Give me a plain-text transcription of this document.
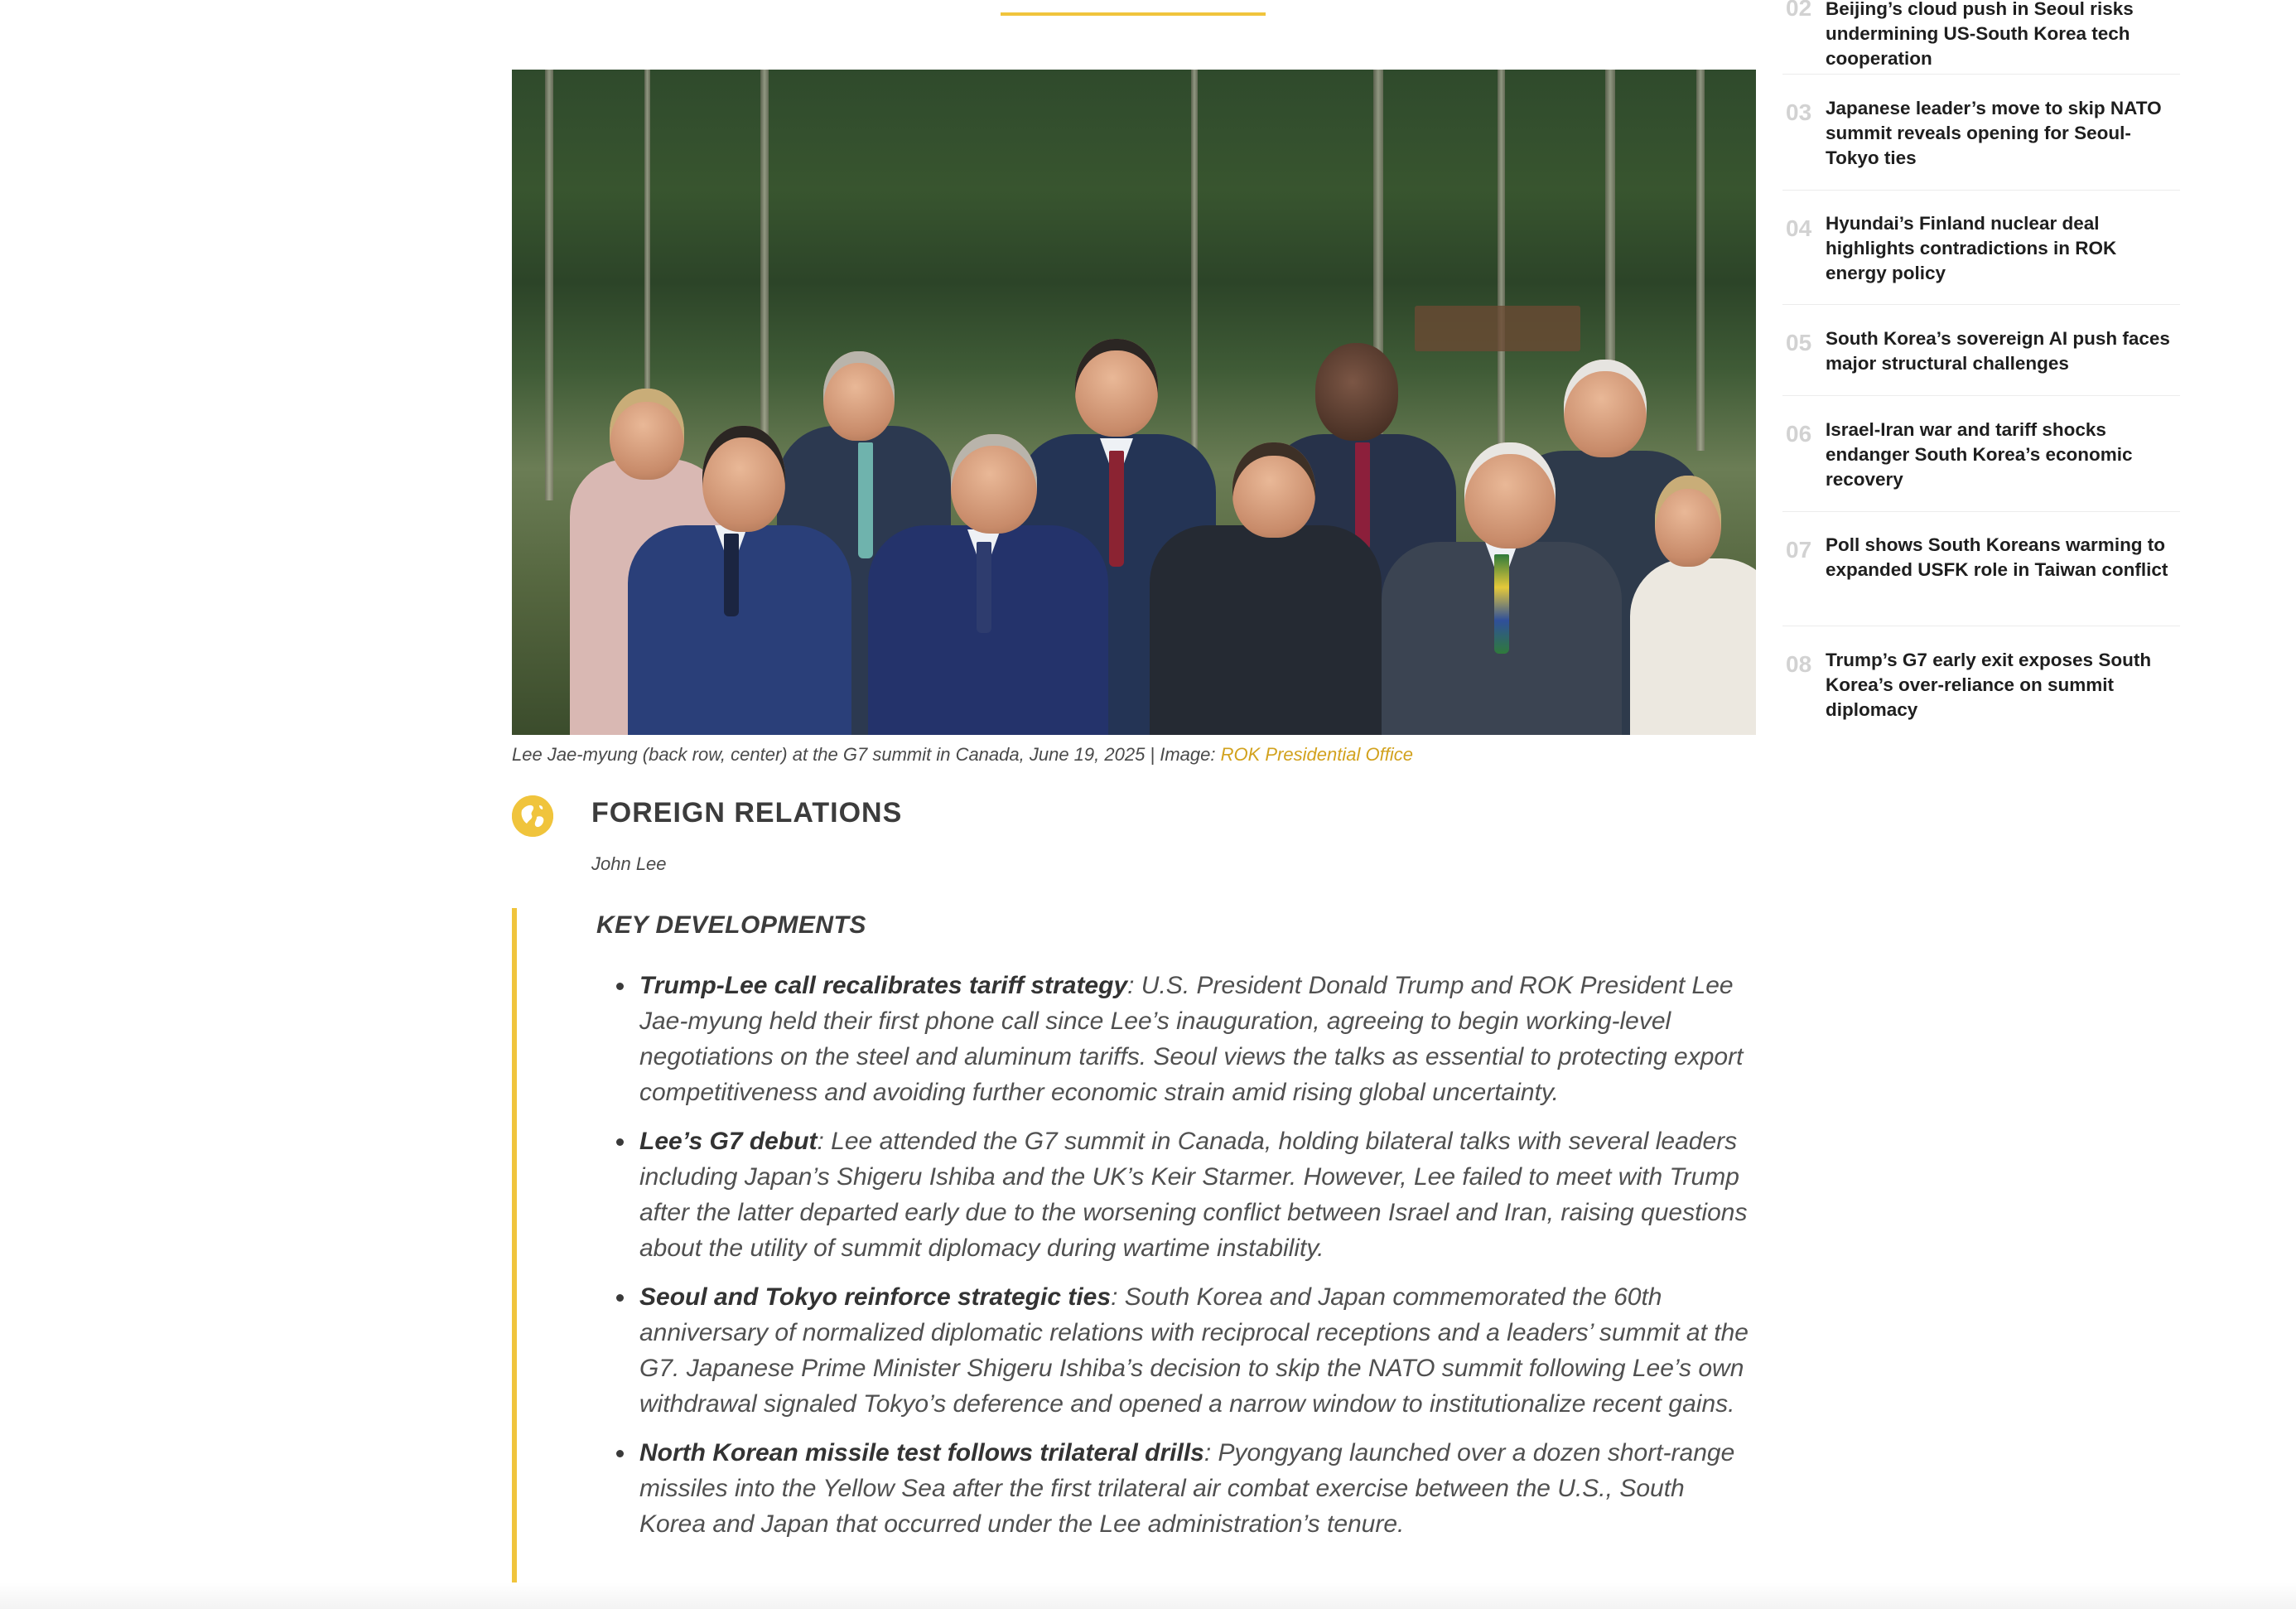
Lee Jae-myung (back row, center) at the G7 summit in Canada, June 19, 2025 | Image: ROK Presidential Office
FOREIGN RELATIONS
John Lee
KEY DEVELOPMENTS
Trump-Lee call recalibrates tariff strategy: U.S. President Donald Trump and ROK President Lee Jae-myung held their first phone call since Lee’s inauguration, agreeing to begin working-level negotiations on the steel and aluminum tariffs. Seoul views the talks as essential to protecting export competitiveness and avoiding further economic strain amid rising global uncertainty.
Lee’s G7 debut: Lee attended the G7 summit in Canada, holding bilateral talks with several leaders including Japan’s Shigeru Ishiba and the UK’s Keir Starmer. However, Lee failed to meet with Trump after the latter departed early due to the worsening conflict between Israel and Iran, raising questions about the utility of summit diplomacy during wartime instability.
Seoul and Tokyo reinforce strategic ties: South Korea and Japan commemorated the 60th anniversary of normalized diplomatic relations with reciprocal receptions and a leaders’ summit at the G7. Japanese Prime Minister Shigeru Ishiba’s decision to skip the NATO summit following Lee’s own withdrawal signaled Tokyo’s deference and opened a narrow window to institutionalize recent gains.
North Korean missile test follows trilateral drills: Pyongyang launched over a dozen short-range missiles into the Yellow Sea after the first trilateral air combat exercise between the U.S., South Korea and Japan that occurred under the Lee administration’s tenure.
02 Beijing’s cloud push in Seoul risks undermining US-South Korea tech cooperation
03 Japanese leader’s move to skip NATO summit reveals opening for Seoul-Tokyo ties
04 Hyundai’s Finland nuclear deal highlights contradictions in ROK energy policy
05 South Korea’s sovereign AI push faces major structural challenges
06 Israel-Iran war and tariff shocks endanger South Korea’s economic recovery
07 Poll shows South Koreans warming to expanded USFK role in Taiwan conflict
08 Trump’s G7 early exit exposes South Korea’s over-reliance on summit diplomacy
